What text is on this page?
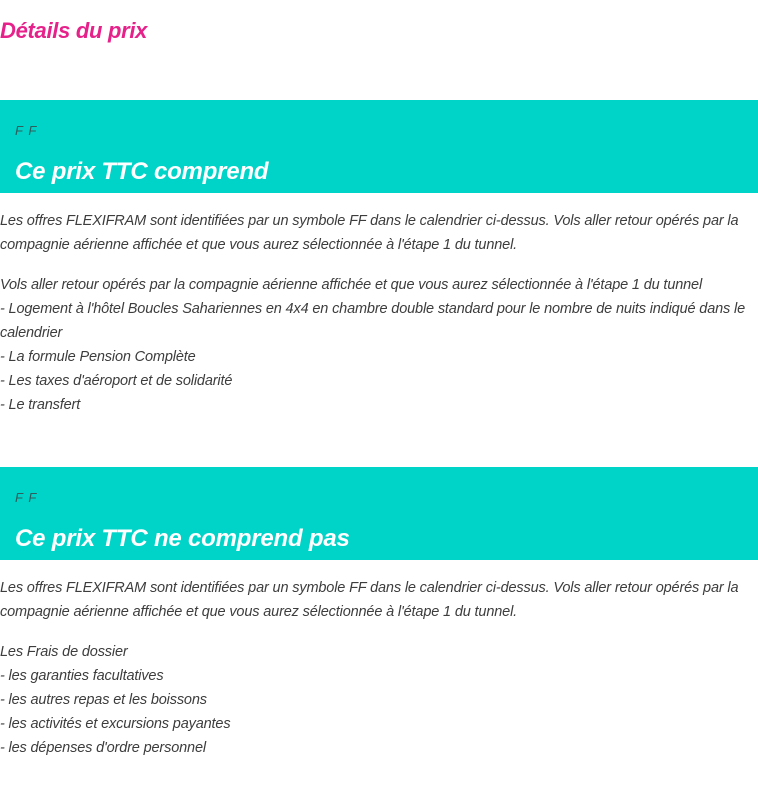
Détails du prix
F F
Ce prix TTC comprend

Les offres FLEXIFRAM sont identifiées par un symbole FF dans le calendrier ci-dessus. Vols aller retour opérés par la compagnie aérienne affichée et que vous aurez sélectionnée à l'étape 1 du tunnel.

Vols aller retour opérés par la compagnie aérienne affichée et que vous aurez sélectionnée à l'étape 1 du tunnel
- Logement à l'hôtel Boucles Sahariennes en 4x4 en chambre double standard pour le nombre de nuits indiqué dans le calendrier
- La formule Pension Complète
- Les taxes d'aéroport et de solidarité
- Le transfert
F F
Ce prix TTC ne comprend pas

Les offres FLEXIFRAM sont identifiées par un symbole FF dans le calendrier ci-dessus. Vols aller retour opérés par la compagnie aérienne affichée et que vous aurez sélectionnée à l'étape 1 du tunnel.

Les Frais de dossier
- les garanties facultatives
- les autres repas et les boissons
- les activités et excursions payantes
- les dépenses d'ordre personnel
